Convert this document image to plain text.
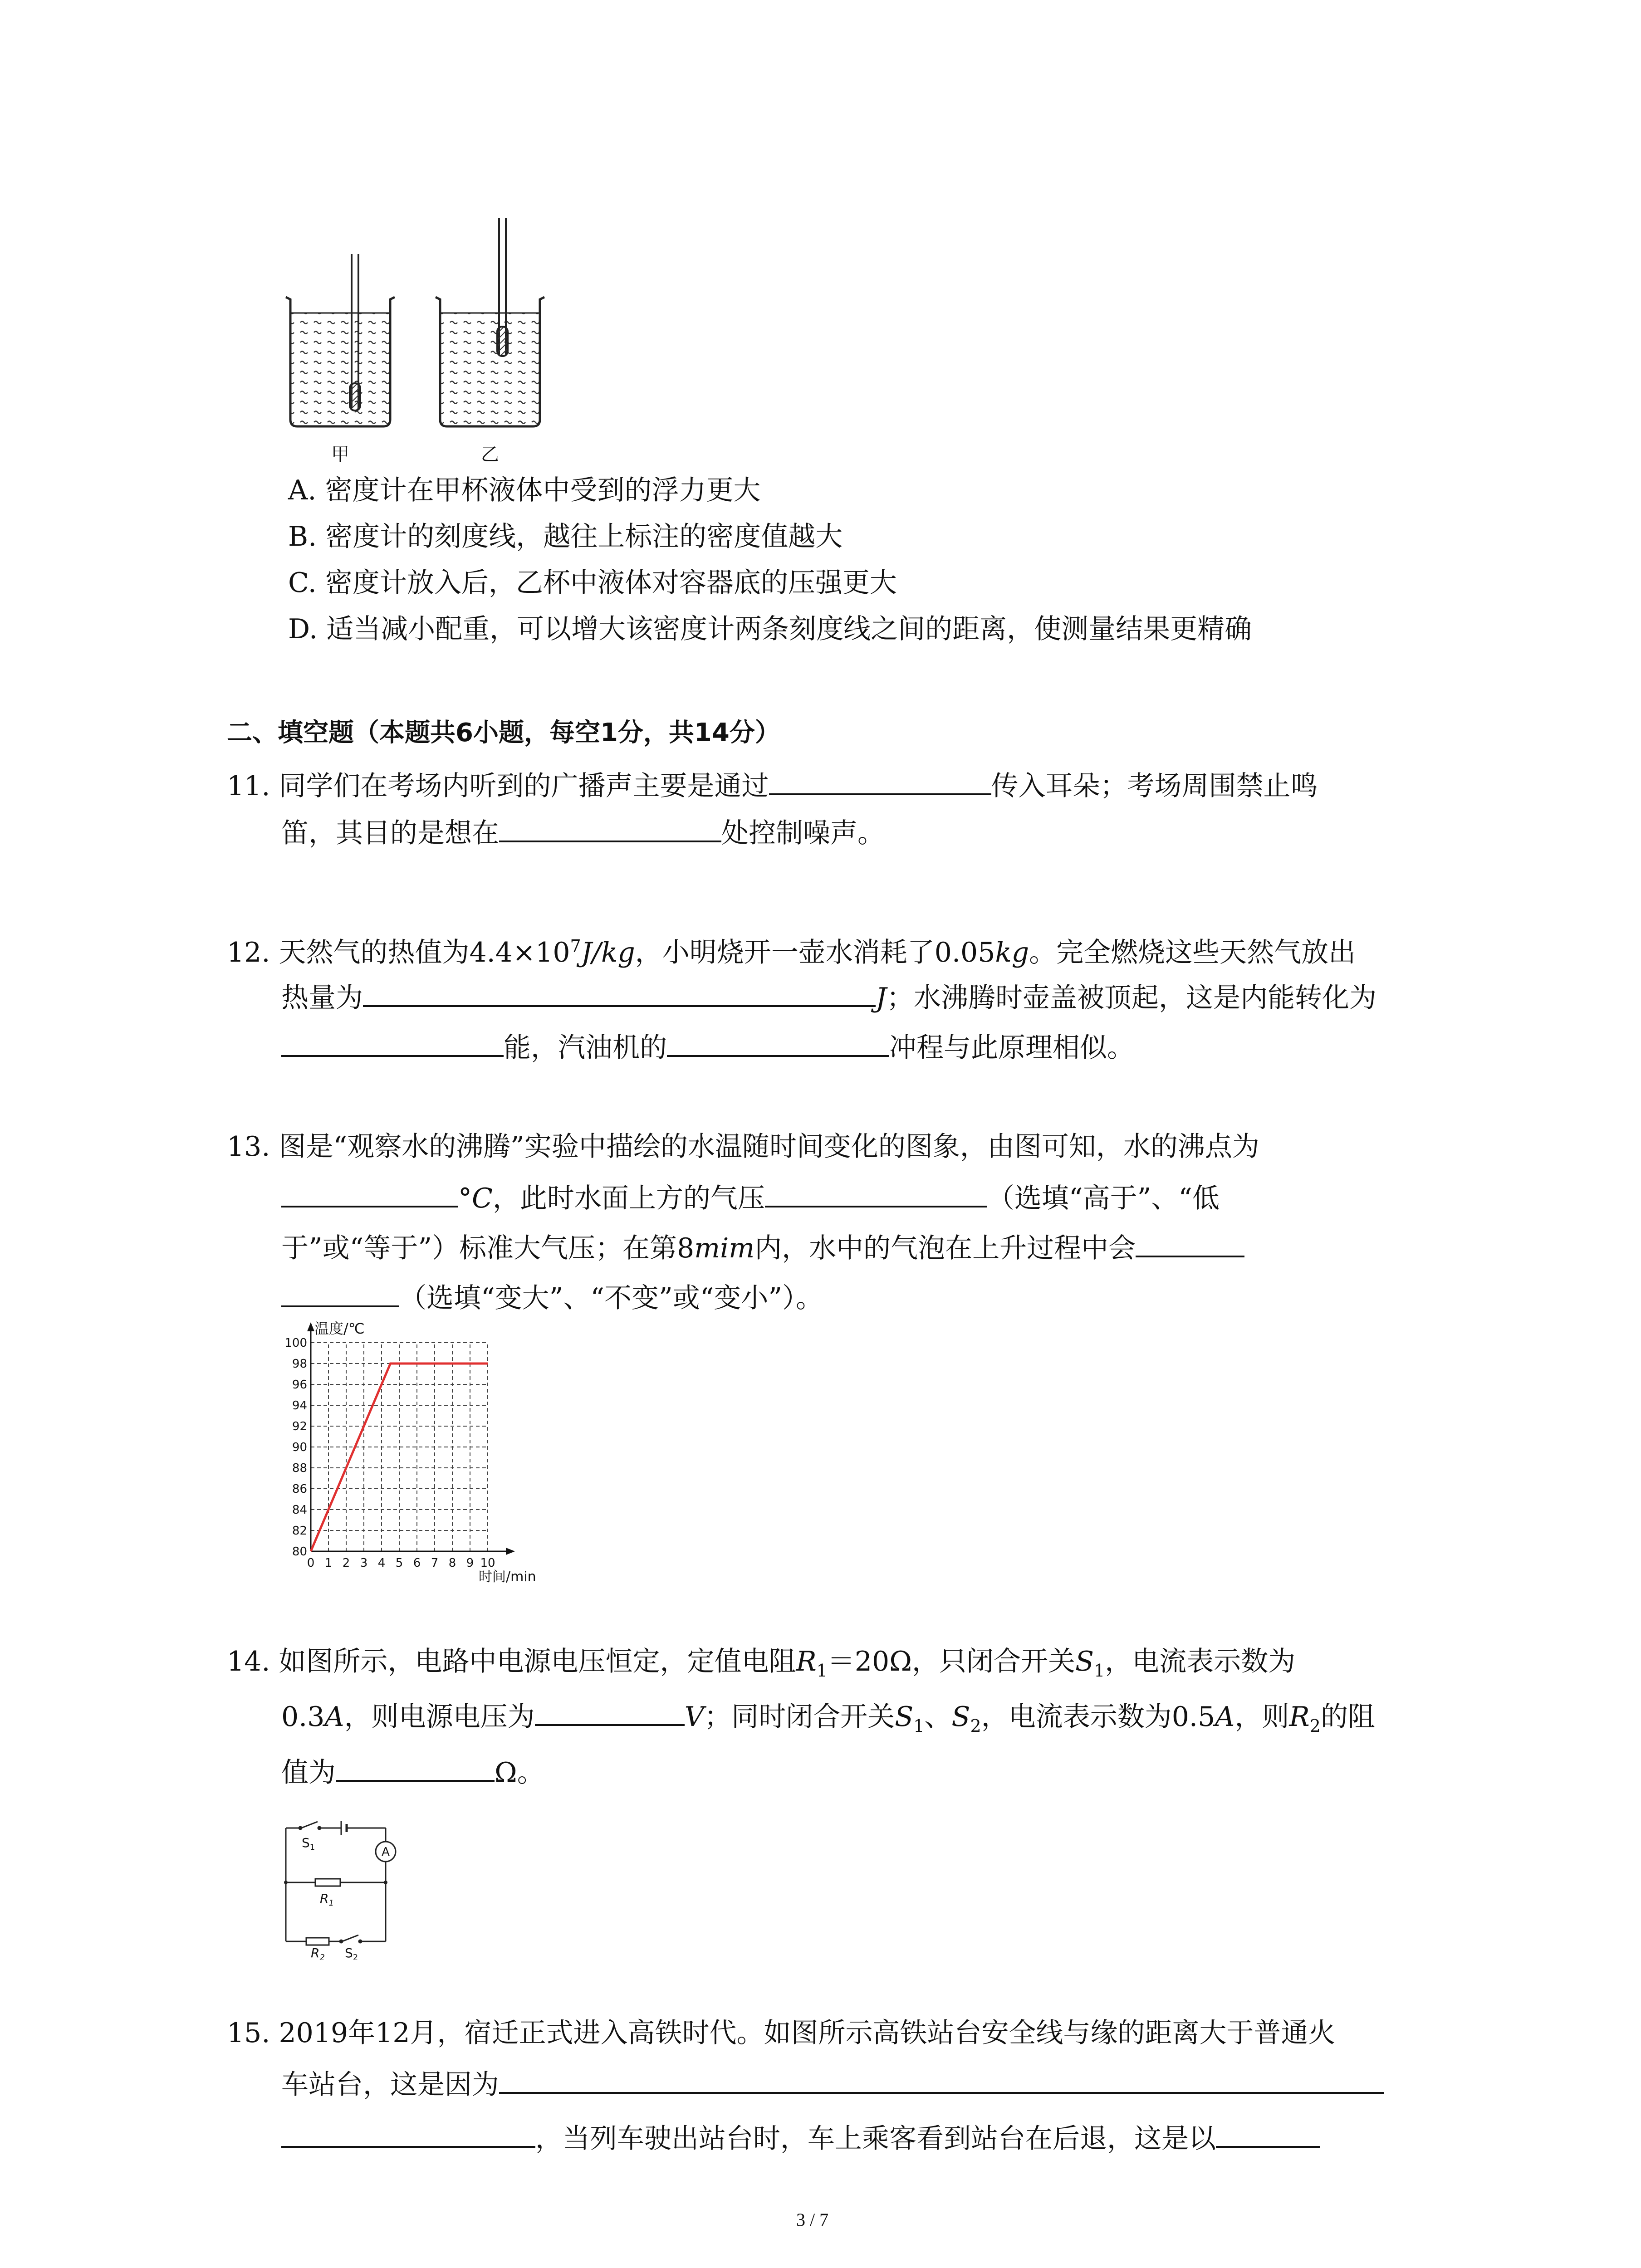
甲	乙
A. 密度计在甲杯液体中受到的浮力更大
B. 密度计的刻度线，越往上标注的密度值越大
C. 密度计放入后，乙杯中液体对容器底的压强更大
D. 适当减小配重，可以增大该密度计两条刻度线之间的距离，使测量结果更精确
二、填空题（本题共6小题，每空1分，共14分）
11. 同学们在考场内听到的广播声主要是通过	传入耳朵；考场周围禁止鸣
笛，其目的是想在	处控制噪声。
12. 天然气的热值为$4.4\times 10^7J/kg$，小明烧开一壶水消耗了0.05kg。完全燃烧这些天然气放出
热量为	J；水沸腾时壶盖被顶起，这是内能转化为
能，汽油机的	冲程与此原理相似。
13. 图是“观察水的沸腾”实验中描绘的水温随时间变化的图象，由图可知，水的沸点为
°C，此时水面上方的气压	（选填“高于”、“低
于”或“等于”）标准大气压；在第8mim内，水中的气泡在上升过程中会
（选填“变大”、“不变”或“变小”）。
0 1 2 3 4 5 6 7 8 9 10
80
82
84
86
88
90
92
94
96
98
100
温度/℃
时间/min
14. 如图所示，电路中电源电压恒定，定值电阻$R_1=20\Omega$，只闭合开关$S_1$，电流表示数为
0.3A，则电源电压为	V；同时闭合开关$S_1$、$S_2$，电流表示数为0.5A，则$R_2$的阻
值为	Ω。
A
$S_1$
$R_1$
$R_2$ $S_2$
15. 2019年12月，宿迁正式进入高铁时代。如图所示高铁站台安全线与缘的距离大于普通火
车站台，这是因为
，当列车驶出站台时，车上乘客看到站台在后退，这是以
3 / 7
